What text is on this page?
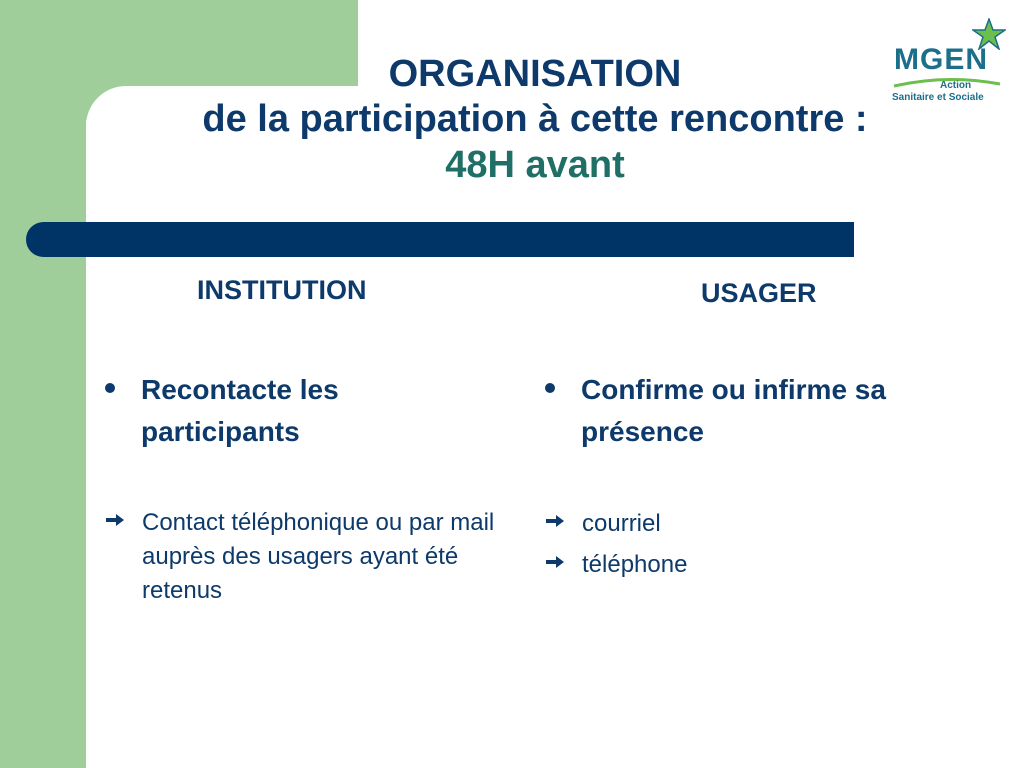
MGEN
Action
Sanitaire et Sociale
ORGANISATION
de la participation à cette rencontre :
48H avant
INSTITUTION
Recontacte les participants
Contact téléphonique ou par mail auprès des usagers ayant été retenus
USAGER
Confirme ou infirme sa présence
courriel
téléphone
